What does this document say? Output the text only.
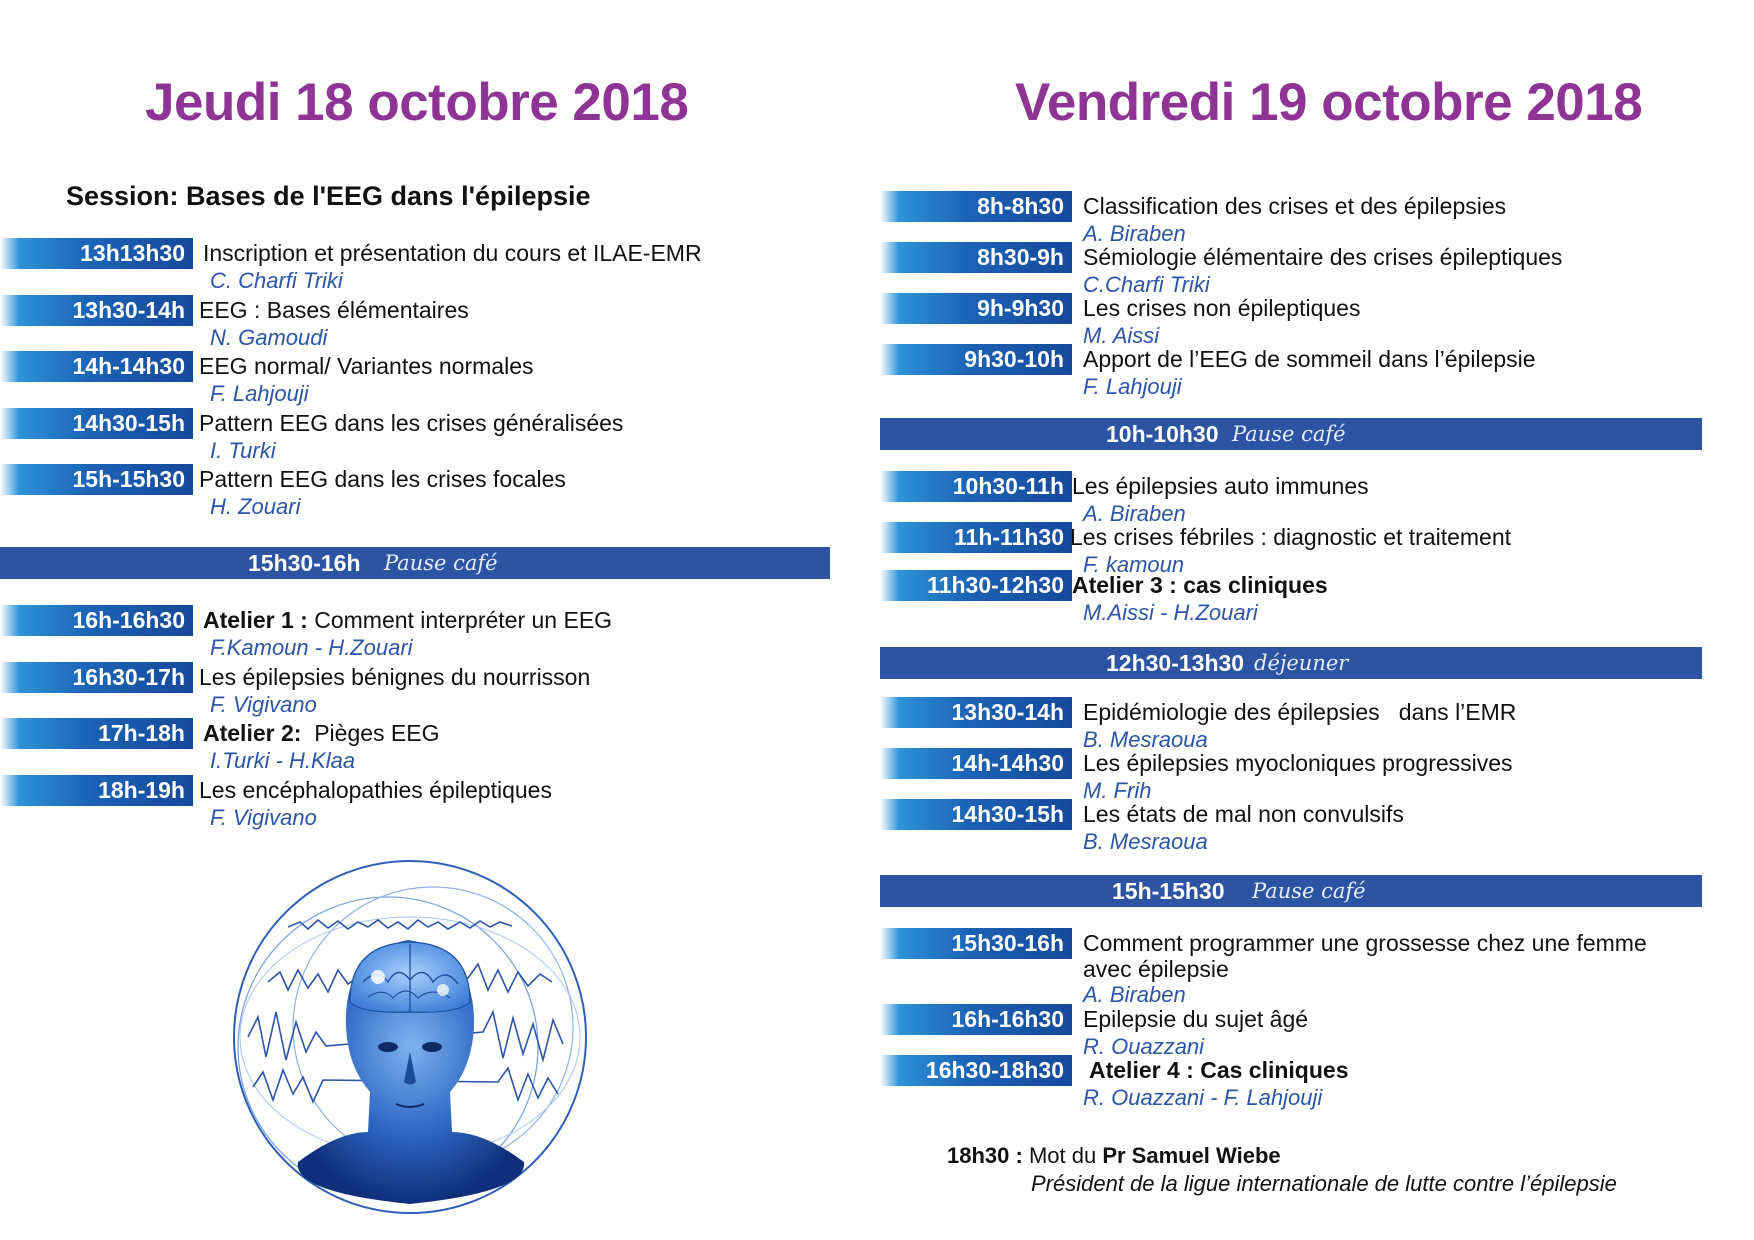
Jeudi 18 octobre 2018
Session: Bases de l'EEG dans l'épilepsie
13h13h30 Inscription et présentation du cours et ILAE-EMR
C. Charfi Triki
13h30-14h EEG : Bases élémentaires
N. Gamoudi
14h-14h30 EEG normal/ Variantes normales
F. Lahjouji
14h30-15h Pattern EEG dans les crises généralisées
I. Turki
15h-15h30 Pattern EEG dans les crises focales
H. Zouari
15h30-16h Pause café
16h-16h30 Atelier 1 : Comment interpréter un EEG
F.Kamoun - H.Zouari
16h30-17h Les épilepsies bénignes du nourrisson
F. Vigivano
17h-18h Atelier 2:  Pièges EEG
I.Turki - H.Klaa
18h-19h Les encéphalopathies épileptiques
F. Vigivano
Vendredi 19 octobre 2018
8h-8h30 Classification des crises et des épilepsies
A. Biraben
8h30-9h Sémiologie élémentaire des crises épileptiques
C.Charfi Triki
9h-9h30 Les crises non épileptiques
M. Aissi
9h30-10h Apport de l’EEG de sommeil dans l’épilepsie
F. Lahjouji
10h-10h30 Pause café
10h30-11h Les épilepsies auto immunes
A. Biraben
11h-11h30 Les crises fébriles : diagnostic et traitement
F. kamoun
11h30-12h30 Atelier 3 : cas cliniques
M.Aissi - H.Zouari
12h30-13h30 déjeuner
13h30-14h Epidémiologie des épilepsies   dans l’EMR
B. Mesraoua
14h-14h30 Les épilepsies myocloniques progressives
M. Frih
14h30-15h Les états de mal non convulsifs
B. Mesraoua
15h-15h30 Pause café
15h30-16h Comment programmer une grossesse chez une femme
avec épilepsie
A. Biraben
16h-16h30 Epilepsie du sujet âgé
R. Ouazzani
16h30-18h30	Atelier 4 : Cas cliniques
R. Ouazzani - F. Lahjouji
18h30 : Mot du Pr Samuel Wiebe
Président de la ligue internationale de lutte contre l’épilepsie
